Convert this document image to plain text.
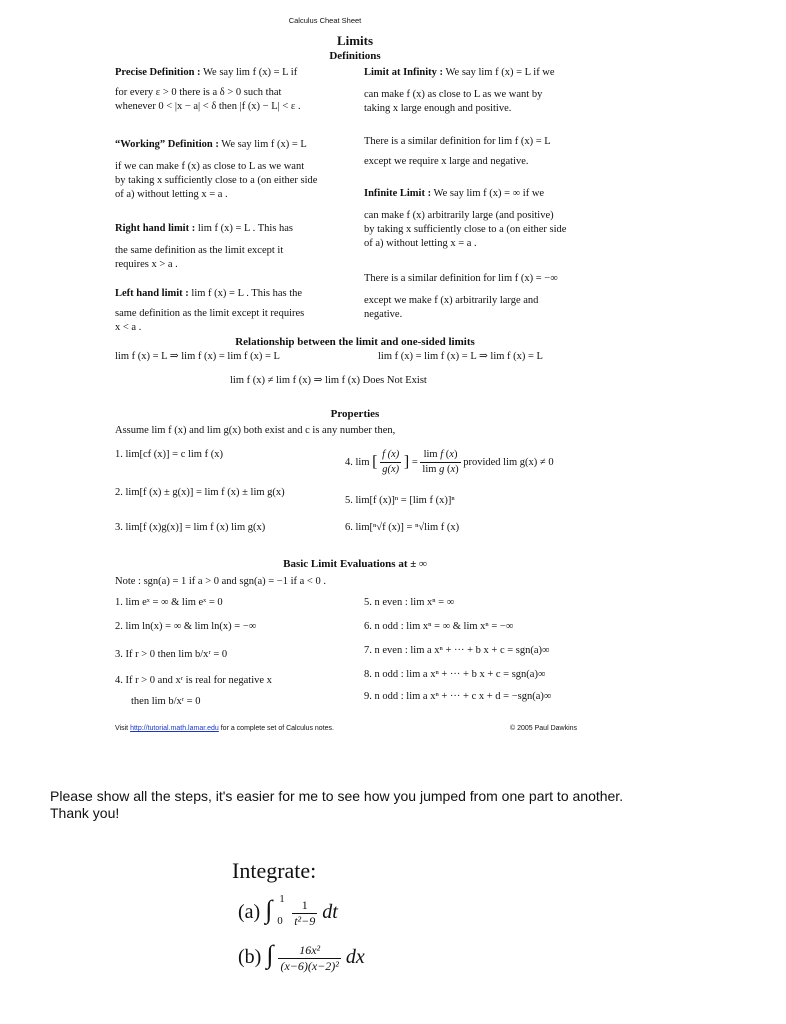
Calculus Cheat Sheet
Limits
Definitions
Precise Definition : We say lim f (x) = L if
for every ε > 0 there is a δ > 0 such that
whenever 0 < |x − a| < δ then |f (x) − L| < ε .
“Working” Definition : We say lim f (x) = L
if we can make f (x) as close to L as we want
by taking x sufficiently close to a (on either side
of a) without letting x = a .
Right hand limit : lim f (x) = L . This has
the same definition as the limit except it
requires x > a .
Left hand limit : lim f (x) = L . This has the
same definition as the limit except it requires
x < a .
Limit at Infinity : We say lim f (x) = L if we
can make f (x) as close to L as we want by
taking x large enough and positive.
There is a similar definition for lim f (x) = L
except we require x large and negative.
Infinite Limit : We say lim f (x) = ∞ if we
can make f (x) arbitrarily large (and positive)
by taking x sufficiently close to a (on either side
of a) without letting x = a .
There is a similar definition for lim f (x) = −∞
except we make f (x) arbitrarily large and
negative.
Relationship between the limit and one-sided limits
lim f (x) = L ⇒ lim f (x) = lim f (x) = L	lim f (x) = lim f (x) = L ⇒ lim f (x) = L
lim f (x) ≠ lim f (x) ⇒ lim f (x) Does Not Exist
Properties
Assume lim f (x) and lim g(x) both exist and c is any number then,
1. lim[cf (x)] = c lim f (x)
2. lim[f (x) ± g(x)] = lim f (x) ± lim g(x)
3. lim[f (x)g(x)] = lim f (x) lim g(x)
4. lim [ $\frac{f (x)}{g(x)}$ ] = $\frac{\text{lim f (x)}}{\text{lim g (x)}}$ provided lim g(x) ≠ 0
5. lim[f (x)]ⁿ = [lim f (x)]ⁿ
6. lim[ⁿ√f (x)] = ⁿ√lim f (x)
Basic Limit Evaluations at ± ∞
Note : sgn(a) = 1 if a > 0 and sgn(a) = −1 if a < 0 .
1. lim eˣ = ∞ & lim eˣ = 0
2. lim ln(x) = ∞ & lim ln(x) = −∞
3. If r > 0 then lim b/xʳ = 0
4. If r > 0 and xʳ is real for negative x
then lim b/xʳ = 0
5. n even : lim xⁿ = ∞
6. n odd : lim xⁿ = ∞ & lim xⁿ = −∞
7. n even : lim a xⁿ + ··· + b x + c = sgn(a)∞
8. n odd : lim a xⁿ + ··· + b x + c = sgn(a)∞
9. n odd : lim a xⁿ + ··· + c x + d = −sgn(a)∞
Visit http://tutorial.math.lamar.edu for a complete set of Calculus notes.	© 2005 Paul Dawkins
Please show all the steps, it's easier for me to see how you jumped from one part to another.
Thank you!
Integrate:
(a) ∫ 1
0
$\frac{1}{\text{t²−9}}$ dt
(b) ∫ $\frac{\text{16x²}}{\text{(x−6)(x−2)²}}$ dx
